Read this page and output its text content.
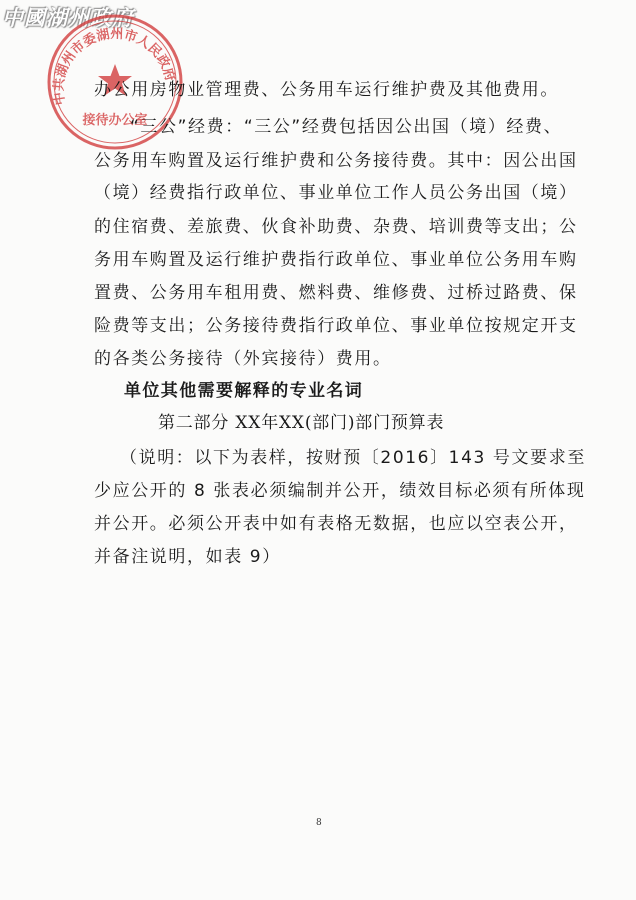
中國湖州政府
中共湖州市委湖州市人民政府
接待办公室
办公用房物业管理费、公务用车运行维护费及其他费用。
“三公”经费：“三公”经费包括因公出国（境）经费、
公务用车购置及运行维护费和公务接待费。其中：因公出国
（境）经费指行政单位、事业单位工作人员公务出国（境）
的住宿费、差旅费、伙食补助费、杂费、培训费等支出；公
务用车购置及运行维护费指行政单位、事业单位公务用车购
置费、公务用车租用费、燃料费、维修费、过桥过路费、保
险费等支出；公务接待费指行政单位、事业单位按规定开支
的各类公务接待（外宾接待）费用。
单位其他需要解释的专业名词
第二部分 XX年XX(部门)部门预算表
（说明：以下为表样，按财预〔2016〕143 号文要求至
少应公开的 8 张表必须编制并公开，绩效目标必须有所体现
并公开。必须公开表中如有表格无数据，也应以空表公开，
并备注说明，如表 9）
8
